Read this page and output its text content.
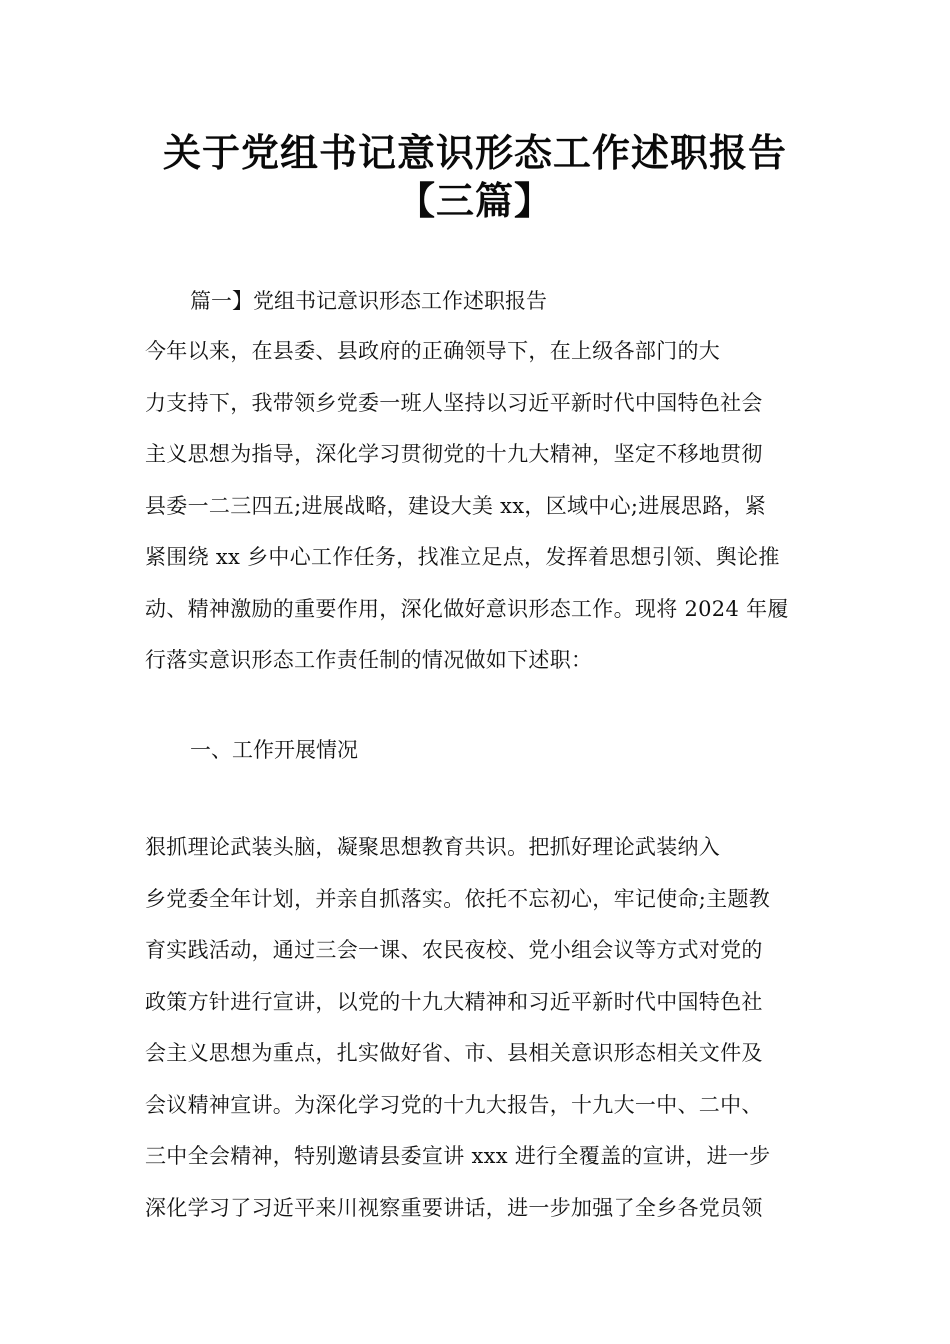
关于党组书记意识形态工作述职报告
【三篇】
篇一】党组书记意识形态工作述职报告
今年以来，在县委、县政府的正确领导下，在上级各部门的大
力支持下，我带领乡党委一班人坚持以习近平新时代中国特色社会
主义思想为指导，深化学习贯彻党的十九大精神，坚定不移地贯彻
县委一二三四五;进展战略，建设大美 xx，区域中心;进展思路，紧
紧围绕 xx 乡中心工作任务，找准立足点，发挥着思想引领、舆论推
动、精神激励的重要作用，深化做好意识形态工作。现将 2024 年履
行落实意识形态工作责任制的情况做如下述职：
一、工作开展情况
狠抓理论武装头脑，凝聚思想教育共识。把抓好理论武装纳入
乡党委全年计划，并亲自抓落实。依托不忘初心，牢记使命;主题教
育实践活动，通过三会一课、农民夜校、党小组会议等方式对党的
政策方针进行宣讲，以党的十九大精神和习近平新时代中国特色社
会主义思想为重点，扎实做好省、市、县相关意识形态相关文件及
会议精神宣讲。为深化学习党的十九大报告，十九大一中、二中、
三中全会精神，特别邀请县委宣讲 xxx 进行全覆盖的宣讲，进一步
深化学习了习近平来川视察重要讲话，进一步加强了全乡各党员领
